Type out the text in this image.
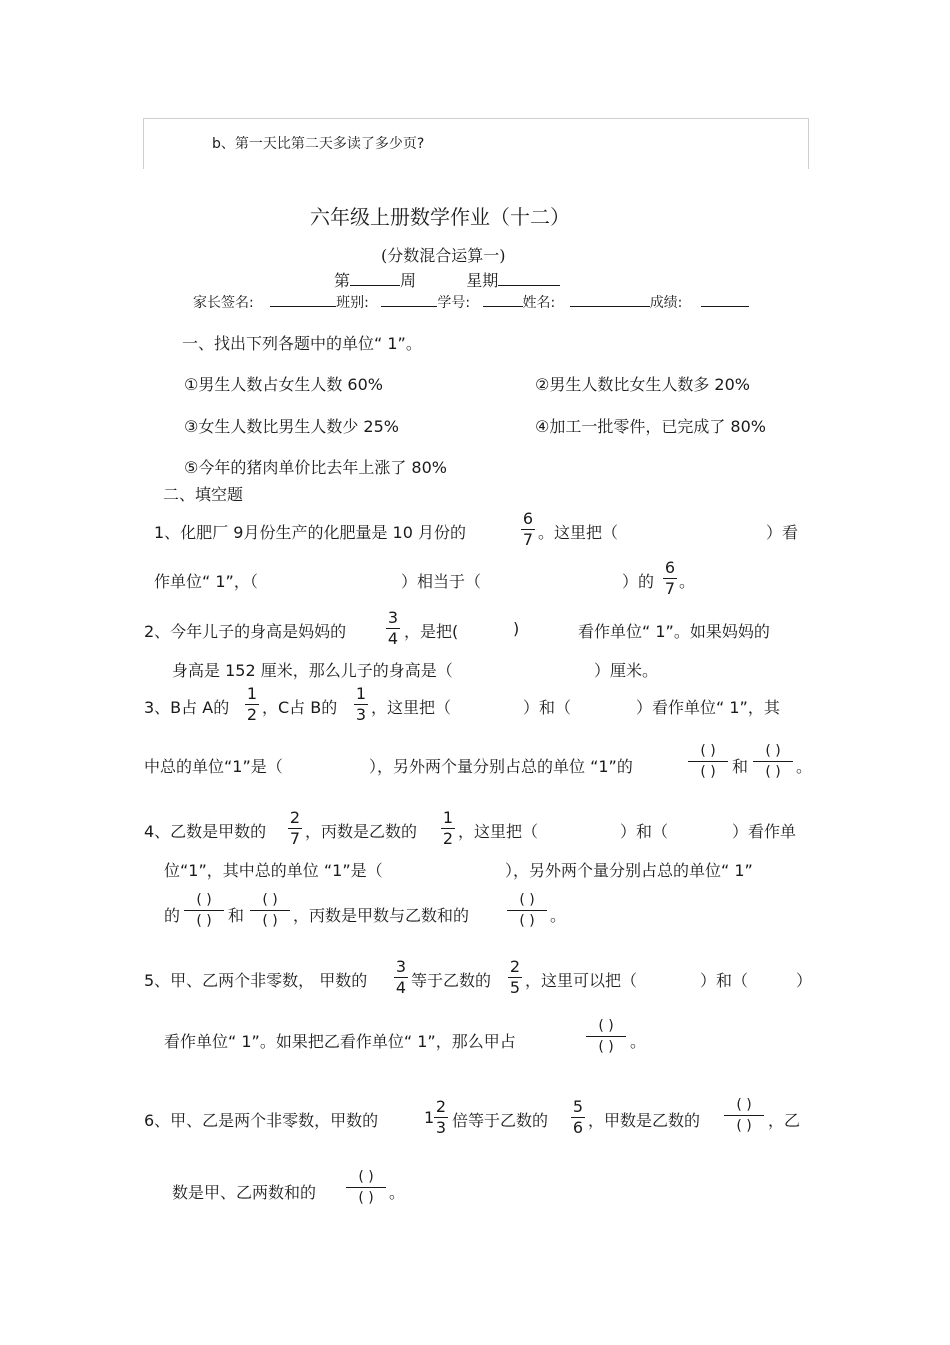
b、第一天比第二天多读了多少页?
六年级上册数学作业（十二）
(分数混合运算一)
第	周	星期
家长签名:	班别:	学号:	姓名:	成绩:
一、找出下列各题中的单位“ 1”。
①男生人数占女生人数 60%	②男生人数比女生人数多 20%
③女生人数比男生人数少 25%	④加工一批零件，已完成了 80%
⑤今年的猪肉单价比去年上涨了 80%
二、填空题
1、化肥厂 9月份生产的化肥量是 10 月份的
6
7 。这里把（	）看
作单位“ 1”，（	）相当于（	）的
6
7 。
2、今年儿子的身高是妈妈的
3
4 ，是把(	)	看作单位“ 1”。如果妈妈的
身高是 152 厘米，那么儿子的身高是（	）厘米。
3、B占 A的
1
2 ，C占 B的
1
3 ，这里把（	）和（	）看作单位“ 1”，其
中总的单位“1”是（	），另外两个量分别占总的单位 “1”的
( )
( ) 和
( )
( ) 。
4、乙数是甲数的
2
7 ，丙数是乙数的
1
2 ，这里把（	）和（	）看作单
位“1”，其中总的单位 “1”是（	），另外两个量分别占总的单位“ 1”
的
( )
( ) 和
( )
( ) ，丙数是甲数与乙数和的
( )
( ) 。
5、甲、乙两个非零数， 甲数的
3
4 等于乙数的
2
5 ，这里可以把（	）和（	）
看作单位“ 1”。如果把乙看作单位“ 1”，那么甲占
( )
( ) 。
6、甲、乙是两个非零数，甲数的	1
2
3 倍等于乙数的
5
6 ，甲数是乙数的
( )
( ) ，乙
数是甲、乙两数和的
( )
( ) 。
